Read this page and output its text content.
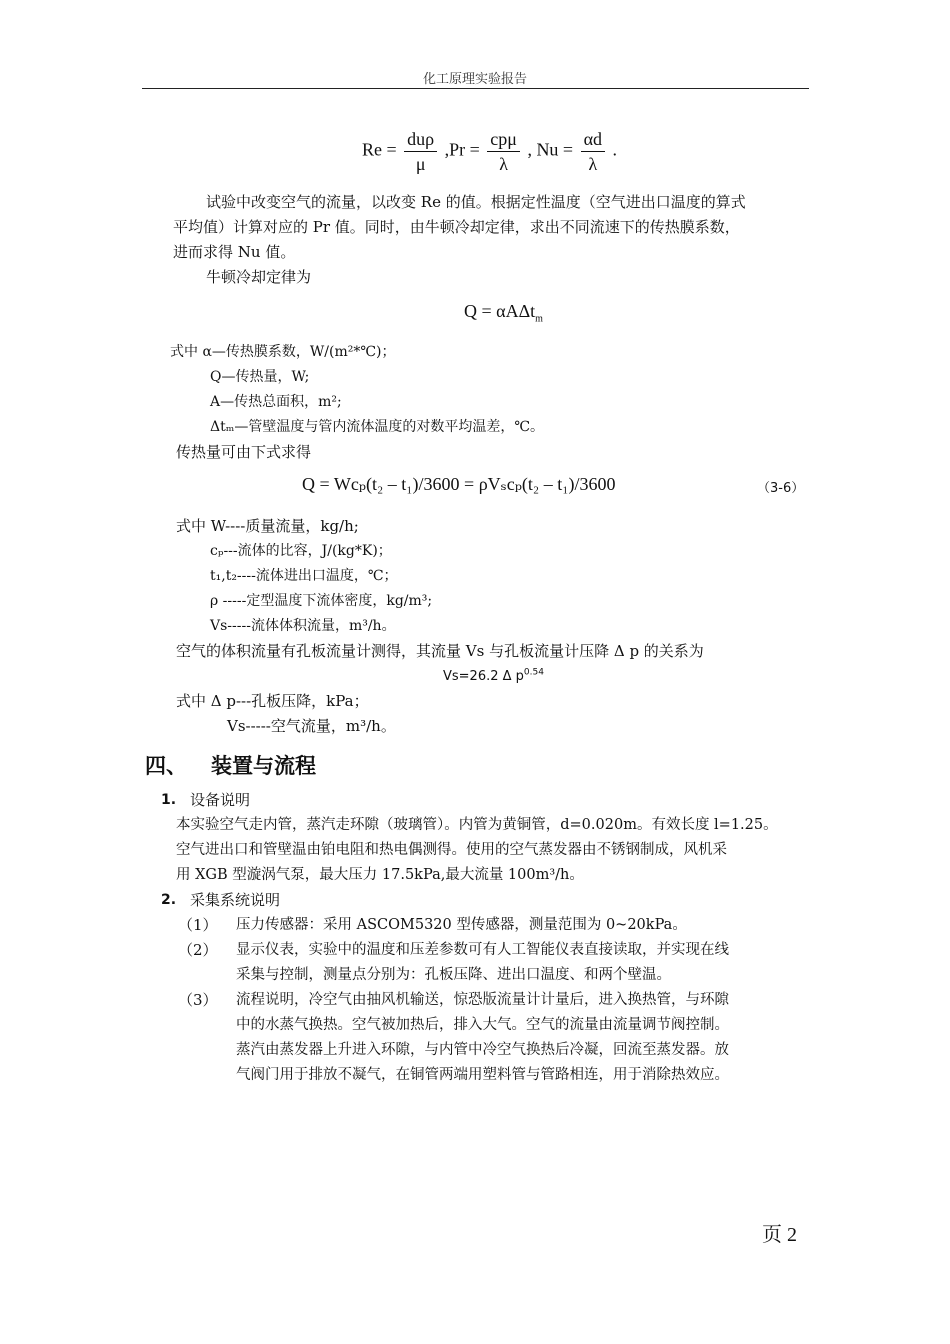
化工原理实验报告
$Re = \frac{\text{duρ}}{\mu} ,Pr = \frac{\text{cpμ}}{\lambda}$ , $Nu = \frac{\alpha d}{\lambda}$ .
试验中改变空气的流量，以改变 Re 的值。根据定性温度（空气进出口温度的算式
平均值）计算对应的 Pr 值。同时，由牛顿冷却定律，求出不同流速下的传热膜系数，
进而求得 Nu 值。
牛顿冷却定律为
Q = αAΔt$_m$
式中 α—传热膜系数，W/(m²*℃)；
Q—传热量，W;
A—传热总面积，m²;
Δtₘ—管壁温度与管内流体温度的对数平均温差，℃。
传热量可由下式求得
Q = Wcₚ(t₂ – t₁)/3600 = ρVₛcₚ(t₂ – t₁)/3600	（3-6）
式中 W----质量流量，kg/h;
cₚ---流体的比容，J/(kg*K)；
t₁,t₂----流体进出口温度，℃；
ρ -----定型温度下流体密度，kg/m³;
Vs-----流体体积流量，m³/h。
空气的体积流量有孔板流量计测得，其流量 Vs 与孔板流量计压降 Δ p 的关系为
Vs=26.2 Δ $p^{0.54}$
式中 Δ p---孔板压降，kPa；
Vs-----空气流量，m³/h。
四、 装置与流程
1. 设备说明
本实验空气走内管，蒸汽走环隙（玻璃管）。内管为黄铜管，d=0.020m。有效长度 l=1.25。
空气进出口和管壁温由铂电阻和热电偶测得。使用的空气蒸发器由不锈钢制成，风机采
用 XGB 型漩涡气泵，最大压力 17.5kPa,最大流量 100m³/h。
2. 采集系统说明
（1） 压力传感器：采用 ASCOM5320 型传感器，测量范围为 0~20kPa。
（2） 显示仪表，实验中的温度和压差参数可有人工智能仪表直接读取，并实现在线
采集与控制，测量点分别为：孔板压降、进出口温度、和两个壁温。
（3） 流程说明，冷空气由抽风机输送，惊恐版流量计计量后，进入换热管，与环隙
中的水蒸气换热。空气被加热后，排入大气。空气的流量由流量调节阀控制。
蒸汽由蒸发器上升进入环隙，与内管中冷空气换热后冷凝，回流至蒸发器。放
气阀门用于排放不凝气，在铜管两端用塑料管与管路相连，用于消除热效应。
页 2
